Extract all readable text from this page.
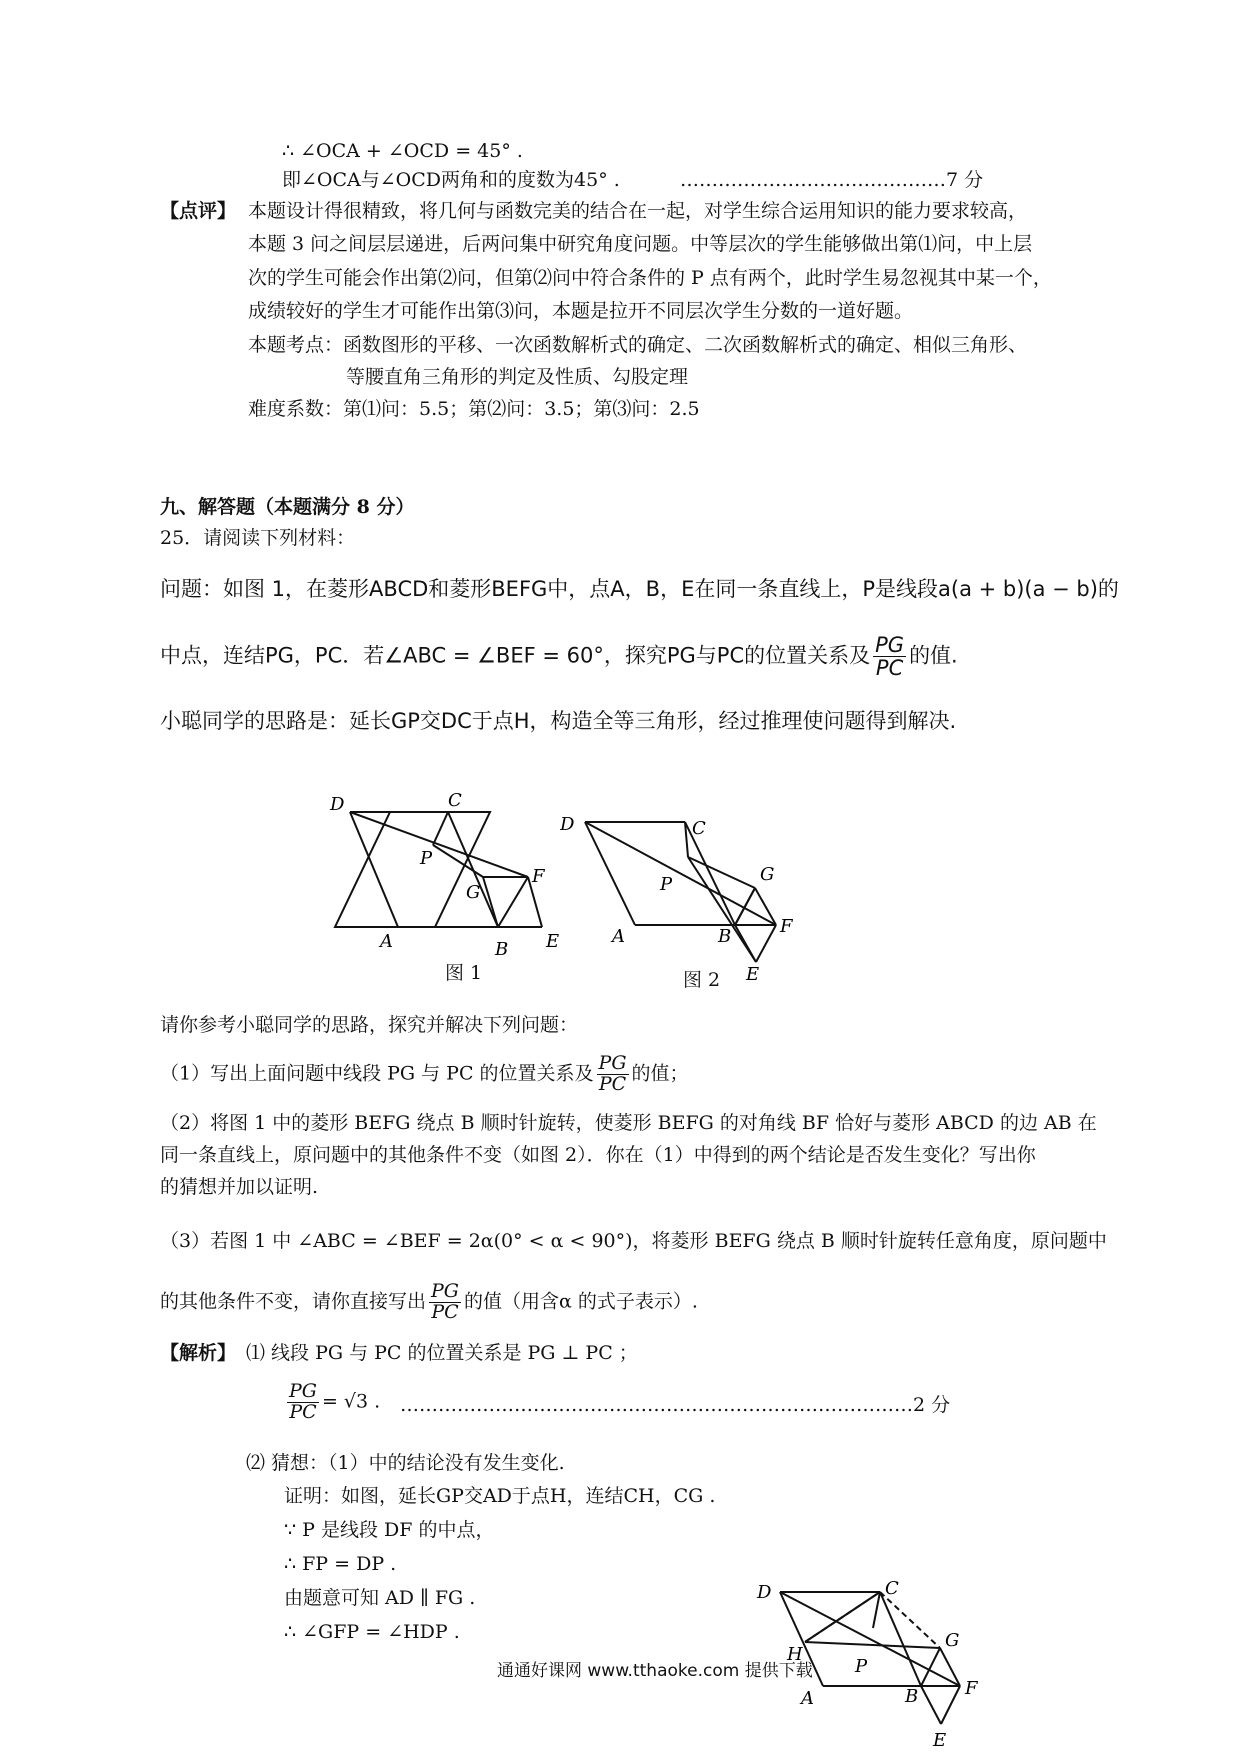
∴ ∠OCA + ∠OCD = 45° .
即∠OCA与∠OCD两角和的度数为45° .	……………………………………7 分
【点评】 本题设计得很精致，将几何与函数完美的结合在一起，对学生综合运用知识的能力要求较高，
本题 3 问之间层层递进，后两问集中研究角度问题。中等层次的学生能够做出第⑴问，中上层
次的学生可能会作出第⑵问，但第⑵问中符合条件的 P 点有两个，此时学生易忽视其中某一个，
成绩较好的学生才可能作出第⑶问，本题是拉开不同层次学生分数的一道好题。
本题考点：函数图形的平移、一次函数解析式的确定、二次函数解析式的确定、相似三角形、
等腰直角三角形的判定及性质、勾股定理
难度系数：第⑴问：5.5；第⑵问：3.5；第⑶问：2.5
九、解答题（本题满分 8 分）
25．请阅读下列材料：
问题：如图 1，在菱形ABCD和菱形BEFG中，点A，B，E在同一条直线上，P是线段a(a + b)(a − b)的
中点，连结PG，PC．若∠ABC = ∠BEF = 60°，探究PG与PC的位置关系及 $\frac{PG}{PC}$ 的值.
小聪同学的思路是：延长GP交DC于点H，构造全等三角形，经过推理使问题得到解决.
D	C
P
G
F
A	E
B
图 1
D	C
P	G
F
A	B
E
图 2
请你参考小聪同学的思路，探究并解决下列问题：
（1）写出上面问题中线段 PG 与 PC 的位置关系及 $\frac{PG}{PC}$ 的值；
（2）将图 1 中的菱形 BEFG 绕点 B 顺时针旋转，使菱形 BEFG 的对角线 BF 恰好与菱形 ABCD 的边 AB 在
同一条直线上，原问题中的其他条件不变（如图 2）．你在（1）中得到的两个结论是否发生变化？写出你
的猜想并加以证明.
（3）若图 1 中 ∠ABC = ∠BEF = 2α(0° < α < 90°)，将菱形 BEFG 绕点 B 顺时针旋转任意角度，原问题中
的其他条件不变，请你直接写出 $\frac{PG}{PC}$ 的值（用含α 的式子表示）.
【解析】 ⑴ 线段 PG 与 PC 的位置关系是 PG ⊥ PC ；
$\frac{PG}{PC} = √3$ . ………………………………………………………………………2 分
⑵ 猜想：（1）中的结论没有发生变化.
证明：如图，延长GP交AD于点H，连结CH，CG .
∵ P 是线段 DF 的中点，
∴ FP = DP .
由题意可知 AD ∥ FG .
∴ ∠GFP = ∠HDP .
D	C
H
P
G
F
A	B
E
通通好课网 www.tthaoke.com 提供下载
